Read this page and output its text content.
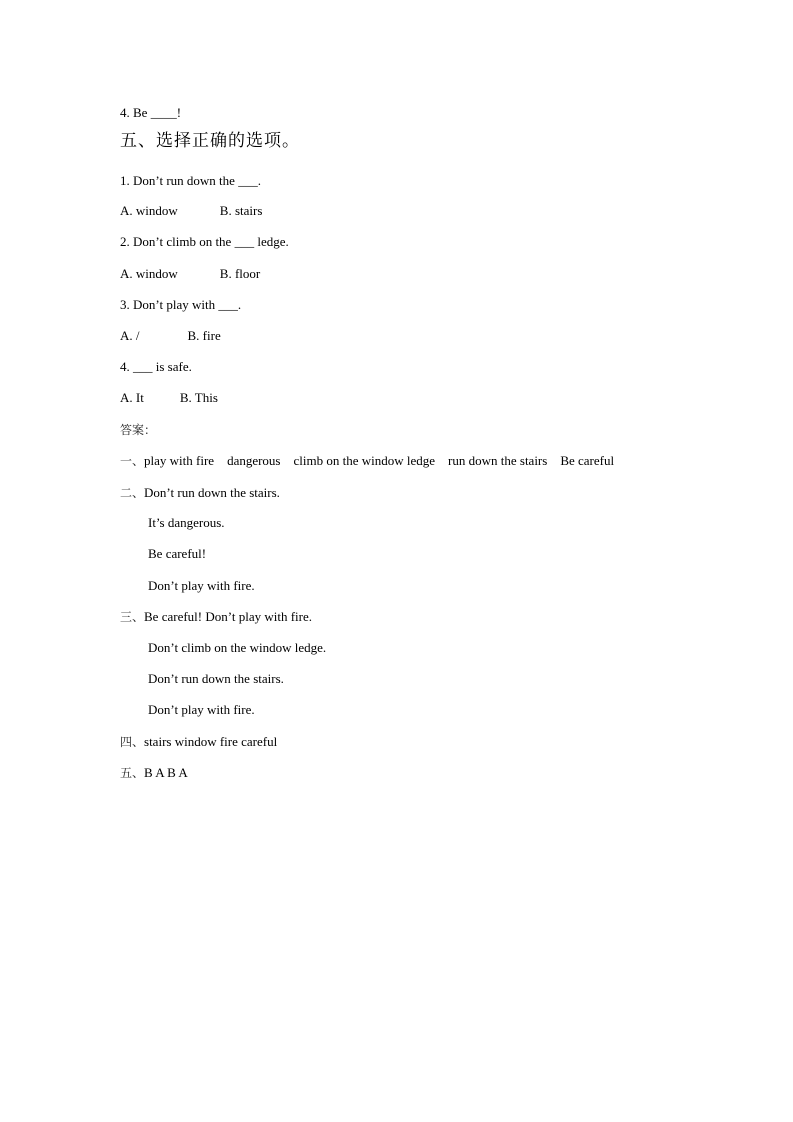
4. Be ____!
五、选择正确的选项。
1. Don’t run down the ___.
A. window	B. stairs
2. Don’t climb on the ___ ledge.
A. window	B. floor
3. Don’t play with ___.
A. /	B. fire
4. ___ is safe.
A. It	B. This
答案：
一、play with fire dangerous climb on the window ledge run down the stairs Be careful
二、Don’t run down the stairs.
It’s dangerous.
Be careful!
Don’t play with fire.
三、Be careful! Don’t play with fire.
Don’t climb on the window ledge.
Don’t run down the stairs.
Don’t play with fire.
四、stairs window fire careful
五、B A B A
